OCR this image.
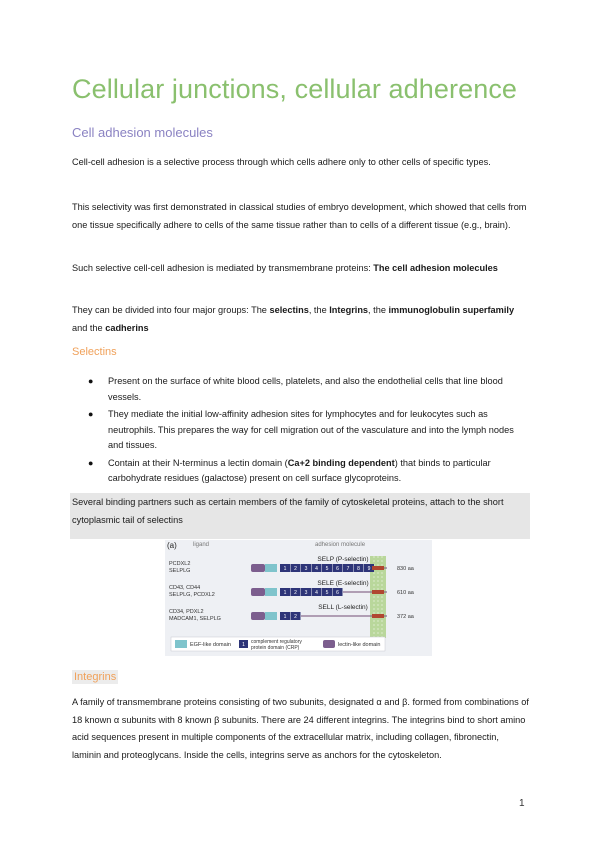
Cellular junctions, cellular adherence
Cell adhesion molecules

Cell-cell adhesion is a selective process through which cells adhere only to other cells of specific types.

This selectivity was first demonstrated in classical studies of embryo development, which showed that cells from one tissue specifically adhere to cells of the same tissue rather than to cells of a different tissue (e.g., brain).

Such selective cell-cell adhesion is mediated by transmembrane proteins: The cell adhesion molecules

They can be divided into four major groups: The selectins, the Integrins, the immunoglobulin superfamily and the cadherins

Selectins
● Present on the surface of white blood cells, platelets, and also the endothelial cells that line blood vessels.
● They mediate the initial low-affinity adhesion sites for lymphocytes and for leukocytes such as neutrophils. This prepares the way for cell migration out of the vasculature and into the lymph nodes and tissues.
● Contain at their N-terminus a lectin domain (Ca+2 binding dependent) that binds to particular carbohydrate residues (galactose) present on cell surface glycoproteins.

Several binding partners such as certain members of the family of cytoskeletal proteins, attach to the short cytoplasmic tail of selectins

(a)	ligand	adhesion molecule
PCDXL2
SELPLG
SELP (P-selectin)
1 2 3 4 5 6 7 8 9	830 aa
CD43, CD44
SELPLG, PCDXL2
SELE (E-selectin)
1 2 3 4 5 6	610 aa
CD34, PDXL2
MADCAM1, SELPLG
SELL (L-selectin)
1 2	372 aa
EGF-like domain 1 complement regulatory
protein domain (CRP)	lectin-like domain
Integrins

A family of transmembrane proteins consisting of two subunits, designated α and β. formed from combinations of 18 known α subunits with 8 known β subunits. There are 24 different integrins. The integrins bind to short amino acid sequences present in multiple components of the extracellular matrix, including collagen, fibronectin, laminin and proteoglycans. Inside the cells, integrins serve as anchors for the cytoskeleton.

1
